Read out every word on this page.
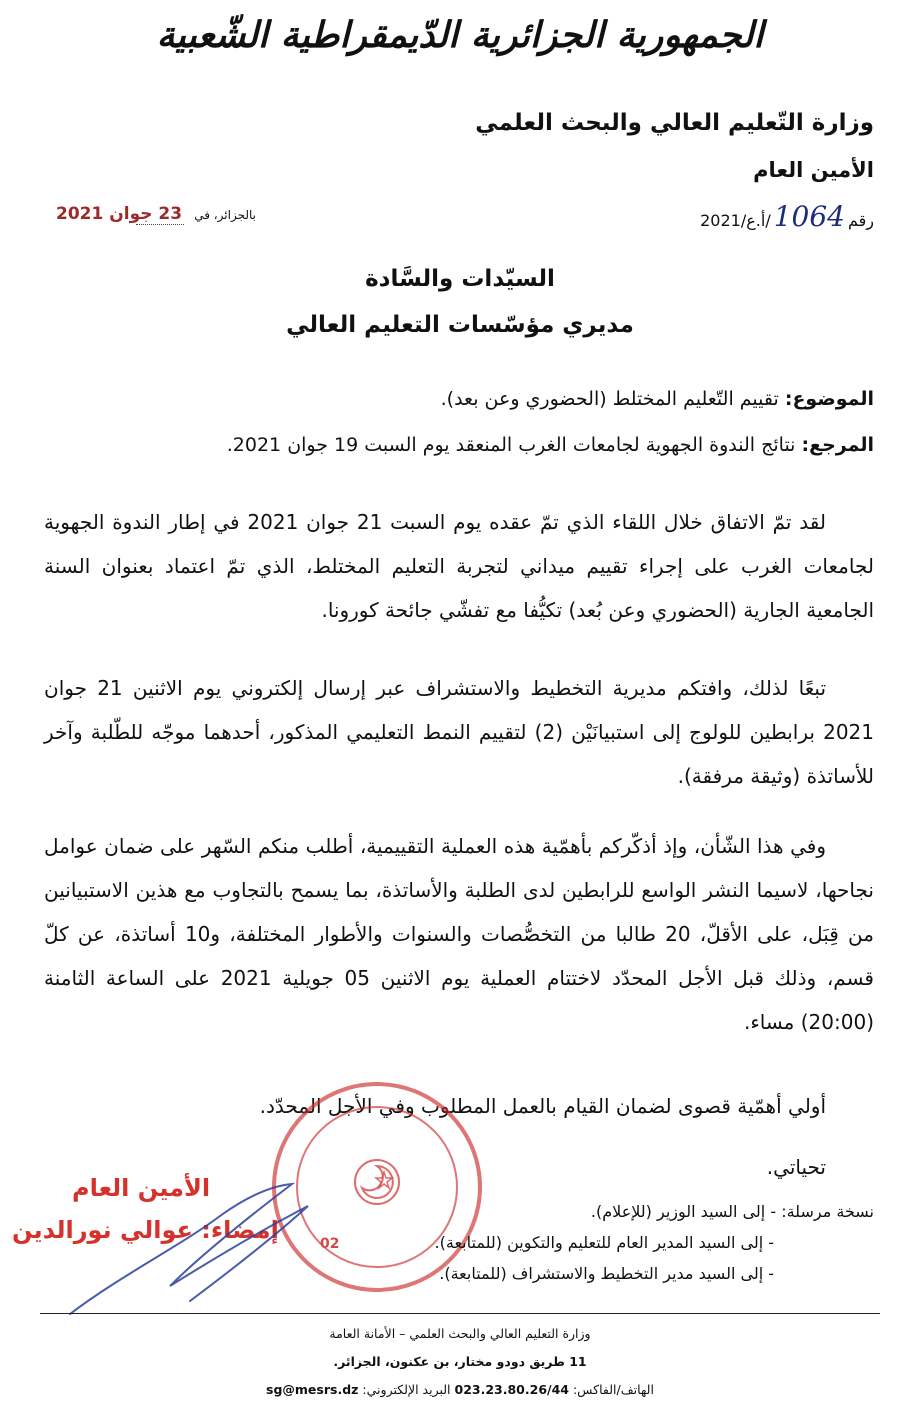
الجمهورية الجزائرية الدّيمقراطية الشّعبية
وزارة التّعليم العالي والبحث العلمي
الأمين العام
رقم
1064
/أ.ع/2021
بالجزائر، في
23 جوان 2021
السيّدات والسَّادة
مديري مؤسّسات التعليم العالي
الموضوع: تقييم التّعليم المختلط (الحضوري وعن بعد).
المرجع: نتائج الندوة الجهوية لجامعات الغرب المنعقد يوم السبت 19 جوان 2021.
لقد تمّ الاتفاق خلال اللقاء الذي تمّ عقده يوم السبت 21 جوان 2021 في إطار الندوة الجهوية لجامعات الغرب على إجراء تقييم ميداني لتجربة التعليم المختلط، الذي تمّ اعتماد بعنوان السنة الجامعية الجارية (الحضوري وعن بُعد) تكيُّفا مع تفشّي جائحة كورونا.
تبعًا لذلك، وافتكم مديرية التخطيط والاستشراف عبر إرسال إلكتروني يوم الاثنين 21 جوان 2021 برابطين للولوج إلى استبيانَيْن (2) لتقييم النمط التعليمي المذكور، أحدهما موجّه للطّلبة وآخر للأساتذة (وثيقة مرفقة).
وفي هذا الشّأن، وإذ أذكّركم بأهمّية هذه العملية التقييمية، أطلب منكم السّهر على ضمان عوامل نجاحها، لاسيما النشر الواسع للرابطين لدى الطلبة والأساتذة، بما يسمح بالتجاوب مع هذين الاستبيانين من قِبَل، على الأقلّ، 20 طالبا من التخصُّصات والسنوات والأطوار المختلفة، و10 أساتذة، عن كلّ قسم، وذلك قبل الأجل المحدّد لاختتام العملية يوم الاثنين 05 جويلية 2021 على الساعة الثامنة (20:00) مساء.
أولي أهمّية قصوى لضمان القيام بالعمل المطلوب وفي الأجل المحدّد.
تحياتي.
02
نسخة مرسلة: - إلى السيد الوزير (للإعلام).
- إلى السيد المدير العام للتعليم والتكوين (للمتابعة).
- إلى السيد مدير التخطيط والاستشراف (للمتابعة).
الأمين العام
إمضاء: عوالي نورالدين
وزارة التعليم العالي والبحث العلمي – الأمانة العامة
11 طريق دودو مختار، بن عكنون، الجزائر.
الهاتف/الفاكس: 023.23.80.26/44 البريد الإلكتروني: sg@mesrs.dz
